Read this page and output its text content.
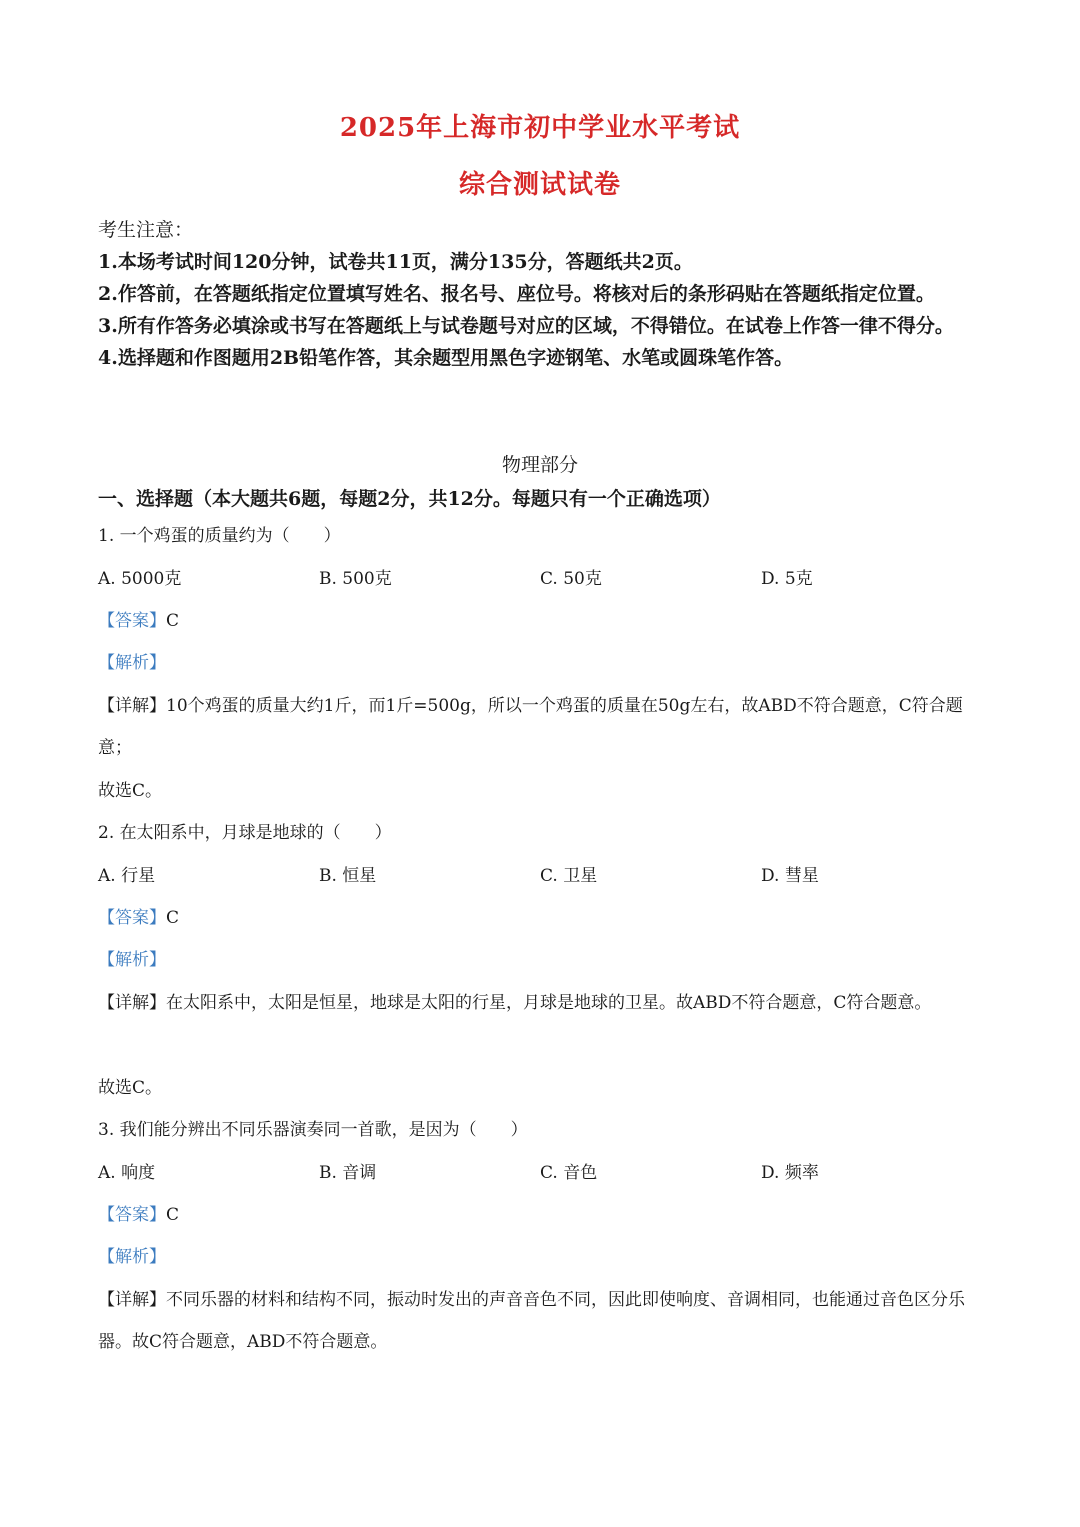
2025年上海市初中学业水平考试
综合测试试卷
考生注意：
1.本场考试时间120分钟，试卷共11页，满分135分，答题纸共2页。
2.作答前，在答题纸指定位置填写姓名、报名号、座位号。将核对后的条形码贴在答题纸指定位置。
3.所有作答务必填涂或书写在答题纸上与试卷题号对应的区域，不得错位。在试卷上作答一律不得分。
4.选择题和作图题用2B铅笔作答，其余题型用黑色字迹钢笔、水笔或圆珠笔作答。
物理部分
一、选择题（本大题共6题，每题2分，共12分。每题只有一个正确选项）
1. 一个鸡蛋的质量约为（　　）
A. 5000克	B. 500克	C. 50克	D. 5克
【答案】C
【解析】
【详解】10个鸡蛋的质量大约1斤，而1斤=500g，所以一个鸡蛋的质量在50g左右，故ABD不符合题意，C符合题意；
故选C。
2. 在太阳系中，月球是地球的（　　）
A. 行星	B. 恒星	C. 卫星	D. 彗星
【答案】C
【解析】
【详解】在太阳系中，太阳是恒星，地球是太阳的行星，月球是地球的卫星。故ABD不符合题意，C符合题意。
故选C。
3. 我们能分辨出不同乐器演奏同一首歌，是因为（　　）
A. 响度	B. 音调	C. 音色	D. 频率
【答案】C
【解析】
【详解】不同乐器的材料和结构不同，振动时发出的声音音色不同，因此即使响度、音调相同，也能通过音色区分乐器。故C符合题意，ABD不符合题意。
